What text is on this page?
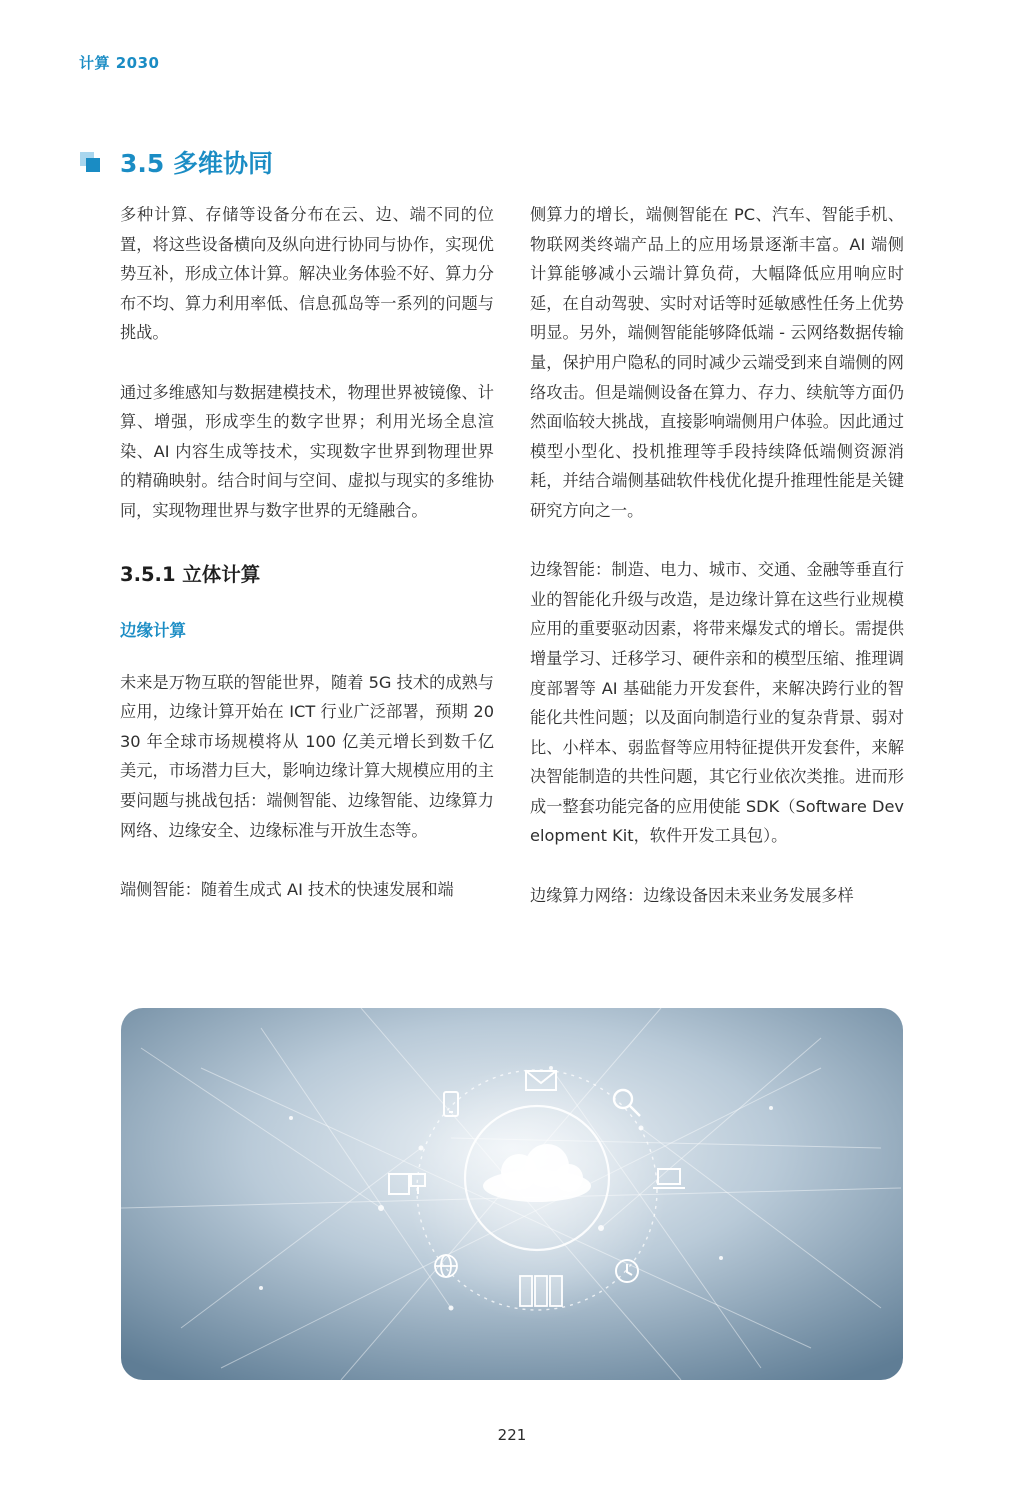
计算 2030
3.5 多维协同

多种计算、存储等设备分布在云、边、端不同的位置，将这些设备横向及纵向进行协同与协作，实现优势互补，形成立体计算。解决业务体验不好、算力分布不均、算力利用率低、信息孤岛等一系列的问题与挑战。

通过多维感知与数据建模技术，物理世界被镜像、计算、增强，形成孪生的数字世界；利用光场全息渲染、AI 内容生成等技术，实现数字世界到物理世界的精确映射。结合时间与空间、虚拟与现实的多维协同，实现物理世界与数字世界的无缝融合。

3.5.1 立体计算

边缘计算

未来是万物互联的智能世界，随着 5G 技术的成熟与应用，边缘计算开始在 ICT 行业广泛部署，预期 2030 年全球市场规模将从 100 亿美元增长到数千亿美元，市场潜力巨大，影响边缘计算大规模应用的主要问题与挑战包括：端侧智能、边缘智能、边缘算力网络、边缘安全、边缘标准与开放生态等。

端侧智能：随着生成式 AI 技术的快速发展和端

侧算力的增长，端侧智能在 PC、汽车、智能手机、物联网类终端产品上的应用场景逐渐丰富。AI 端侧计算能够减小云端计算负荷，大幅降低应用响应时延，在自动驾驶、实时对话等时延敏感性任务上优势明显。另外，端侧智能能够降低端 - 云网络数据传输量，保护用户隐私的同时减少云端受到来自端侧的网络攻击。但是端侧设备在算力、存力、续航等方面仍然面临较大挑战，直接影响端侧用户体验。因此通过模型小型化、投机推理等手段持续降低端侧资源消耗，并结合端侧基础软件栈优化提升推理性能是关键研究方向之一。

边缘智能：制造、电力、城市、交通、金融等垂直行业的智能化升级与改造，是边缘计算在这些行业规模应用的重要驱动因素，将带来爆发式的增长。需提供增量学习、迁移学习、硬件亲和的模型压缩、推理调度部署等 AI 基础能力开发套件，来解决跨行业的智能化共性问题；以及面向制造行业的复杂背景、弱对比、小样本、弱监督等应用特征提供开发套件，来解决智能制造的共性问题，其它行业依次类推。进而形成一整套功能完备的应用使能 SDK（Software Development Kit，软件开发工具包）。

边缘算力网络：边缘设备因未来业务发展多样

221
